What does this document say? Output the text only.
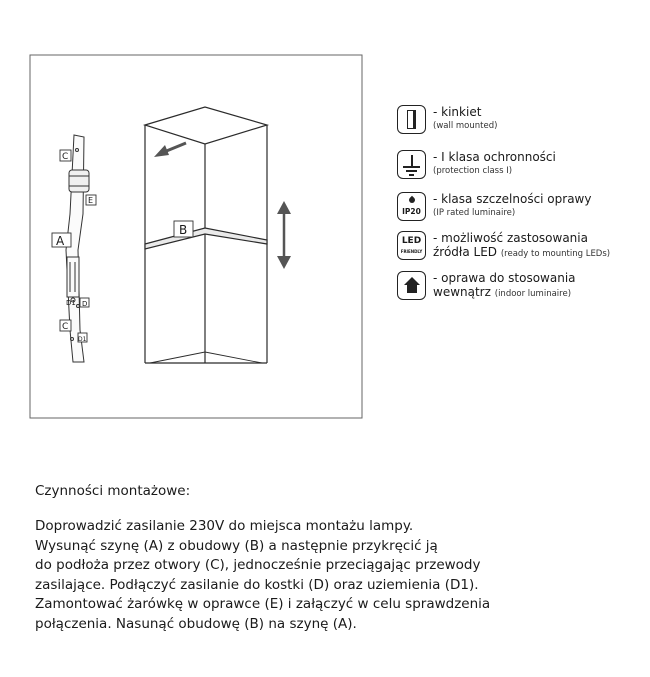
C
E
A
D1 D
C
D1
B
- kinkiet
(wall mounted)
- I klasa ochronności
(protection class I)
IP20
- klasa szczelności oprawy
(IP rated luminaire)
LED
FRIENDLY
- możliwość zastosowania
źródła LED (ready to mounting LEDs)
- oprawa do stosowania
wewnątrz (indoor luminaire)
Czynności montażowe:
Doprowadzić zasilanie 230V do miejsca montażu lampy.
Wysunąć szynę (A) z obudowy (B) a następnie przykręcić ją
do podłoża przez otwory (C), jednocześnie przeciągając przewody
zasilające. Podłączyć zasilanie do kostki (D) oraz uziemienia (D1).
Zamontować żarówkę w oprawce (E) i załączyć w celu sprawdzenia
połączenia. Nasunąć obudowę (B) na szynę (A).
